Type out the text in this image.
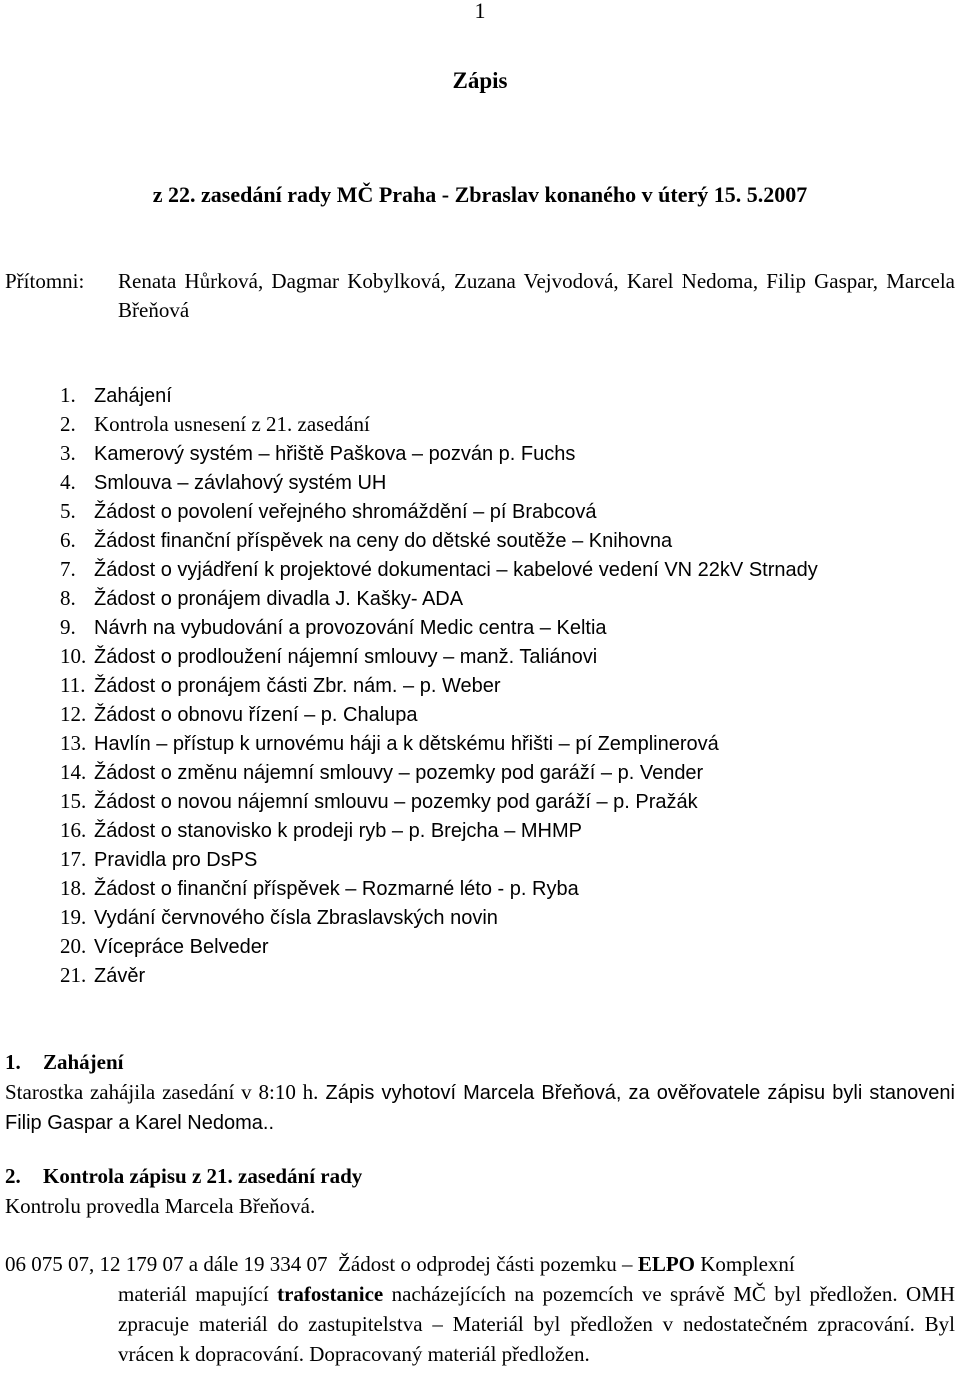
1
Zápis
z 22. zasedání rady MČ Praha - Zbraslav konaného v úterý 15. 5.2007
Přítomni: Renata Hůrková, Dagmar Kobylková, Zuzana Vejvodová, Karel Nedoma, Filip Gaspar, Marcela Břeňová
1. Zahájení
2. Kontrola usnesení z 21. zasedání
3. Kamerový systém – hřiště Paškova – pozván p. Fuchs
4. Smlouva – závlahový systém UH
5. Žádost o povolení veřejného shromáždění – pí Brabcová
6. Žádost finanční příspěvek na ceny do dětské soutěže – Knihovna
7. Žádost o vyjádření k projektové dokumentaci – kabelové vedení VN 22kV Strnady
8. Žádost o pronájem divadla J. Kašky- ADA
9. Návrh na vybudování a provozování Medic centra – Keltia
10. Žádost o prodloužení nájemní smlouvy – manž. Taliánovi
11. Žádost o pronájem části Zbr. nám. – p. Weber
12. Žádost o obnovu řízení – p. Chalupa
13. Havlín – přístup k urnovému háji a k dětskému hřišti – pí Zemplinerová
14. Žádost o změnu nájemní smlouvy – pozemky pod garáží – p. Vender
15. Žádost o novou nájemní smlouvu – pozemky pod garáží – p. Pražák
16. Žádost o stanovisko k prodeji ryb – p. Brejcha – MHMP
17. Pravidla pro DsPS
18. Žádost o finanční příspěvek – Rozmarné léto - p. Ryba
19. Vydání červnového čísla Zbraslavských novin
20. Vícepráce Belveder
21. Závěr
1. Zahájení
Starostka zahájila zasedání v 8:10 h. Zápis vyhotoví Marcela Břeňová, za ověřovatele zápisu byli stanoveni Filip Gaspar a Karel Nedoma..
2. Kontrola zápisu z 21. zasedání rady
Kontrolu provedla Marcela Břeňová.
06 075 07, 12 179 07 a dále 19 334 07 Žádost o odprodej části pozemku – ELPO Komplexní
materiál mapující trafostanice nacházejících na pozemcích ve správě MČ byl předložen. OMH zpracuje materiál do zastupitelstva – Materiál byl předložen v nedostatečném zpracování. Byl vrácen k dopracování. Dopracovaný materiál předložen.
